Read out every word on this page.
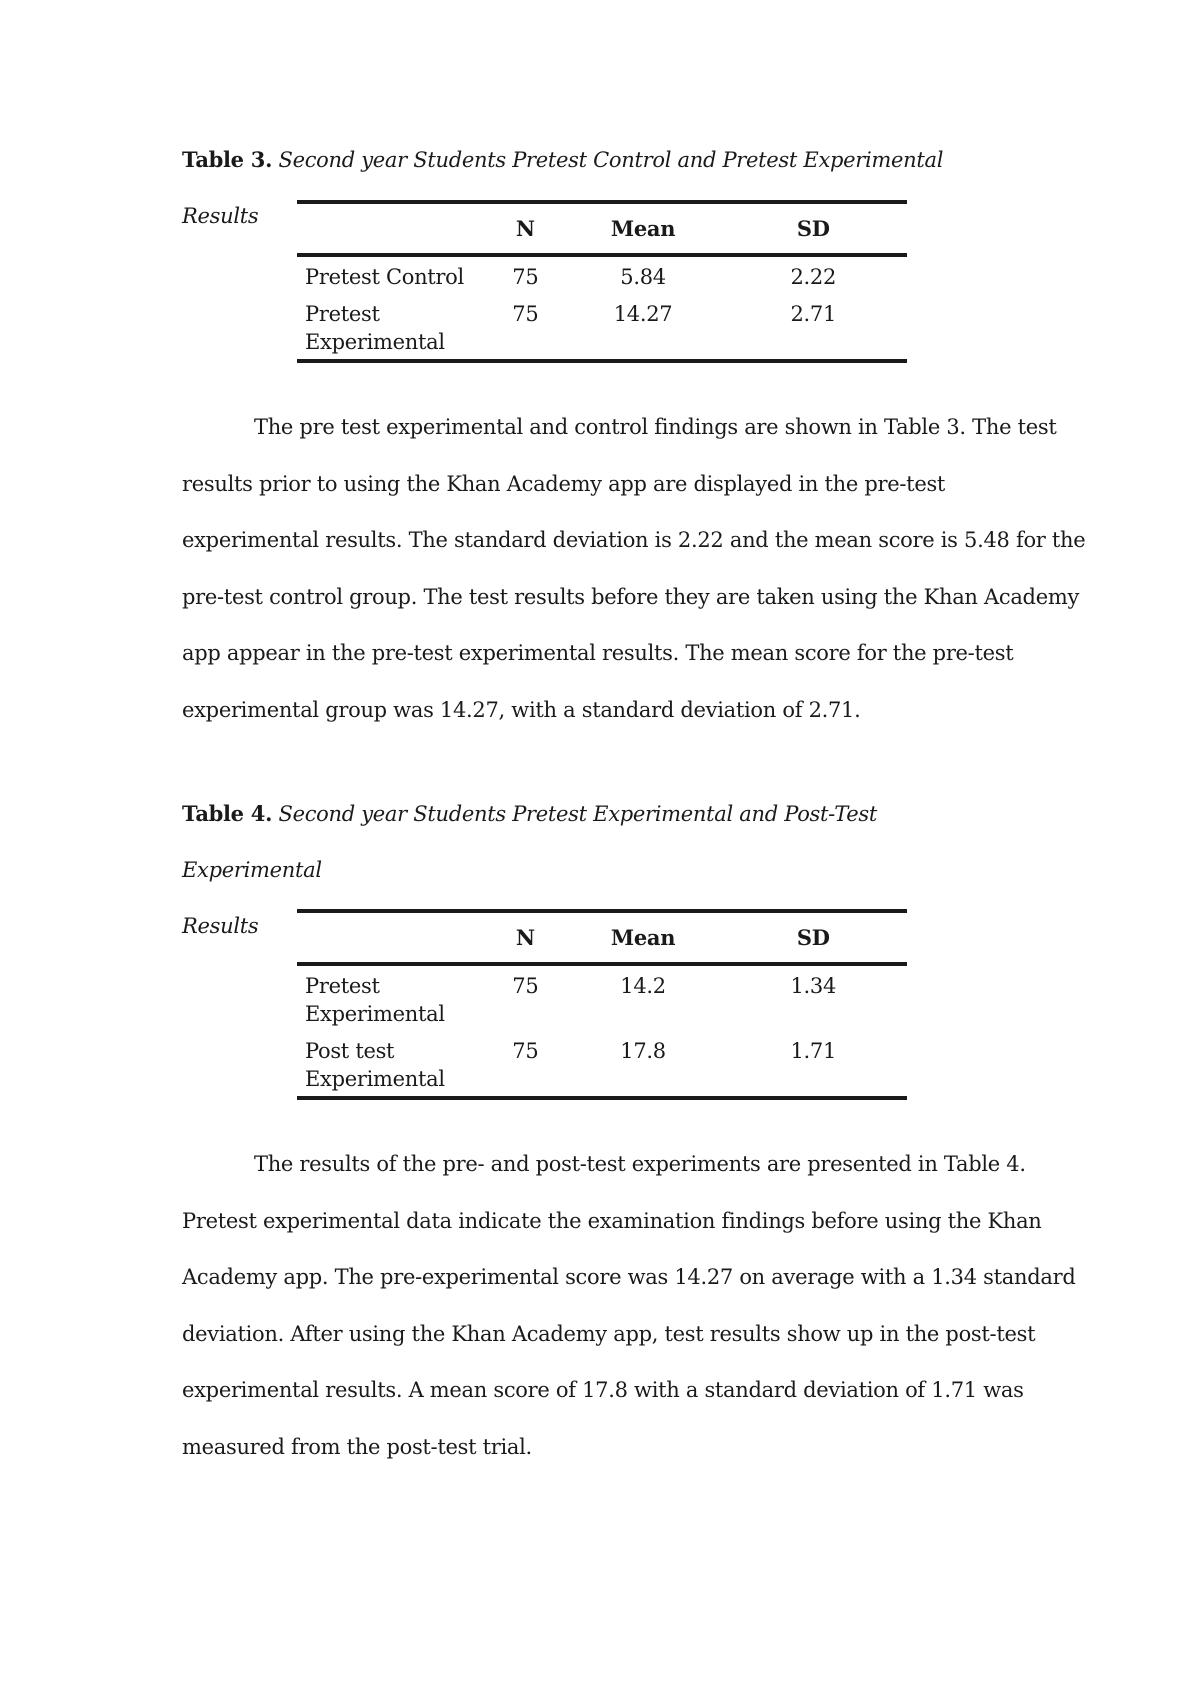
Table 3. Second year Students Pretest Control and Pretest Experimental Results
		N	Mean	SD
Pretest Control	75	5.84	2.22
Pretest
Experimental	75	14.27	2.71

The pre test experimental and control findings are shown in Table 3. The test
results prior to using the Khan Academy app are displayed in the pre-test
experimental results. The standard deviation is 2.22 and the mean score is 5.48 for the
pre-test control group. The test results before they are taken using the Khan Academy
app appear in the pre-test experimental results. The mean score for the pre-test
experimental group was 14.27, with a standard deviation of 2.71.

Table 4. Second year Students Pretest Experimental and Post-Test Experimental
Results
		N	Mean	SD
Pretest
Experimental	75	14.2	1.34
Post test
Experimental	75	17.8	1.71

The results of the pre- and post-test experiments are presented in Table 4.
Pretest experimental data indicate the examination findings before using the Khan
Academy app. The pre-experimental score was 14.27 on average with a 1.34 standard
deviation. After using the Khan Academy app, test results show up in the post-test
experimental results. A mean score of 17.8 with a standard deviation of 1.71 was
measured from the post-test trial.
